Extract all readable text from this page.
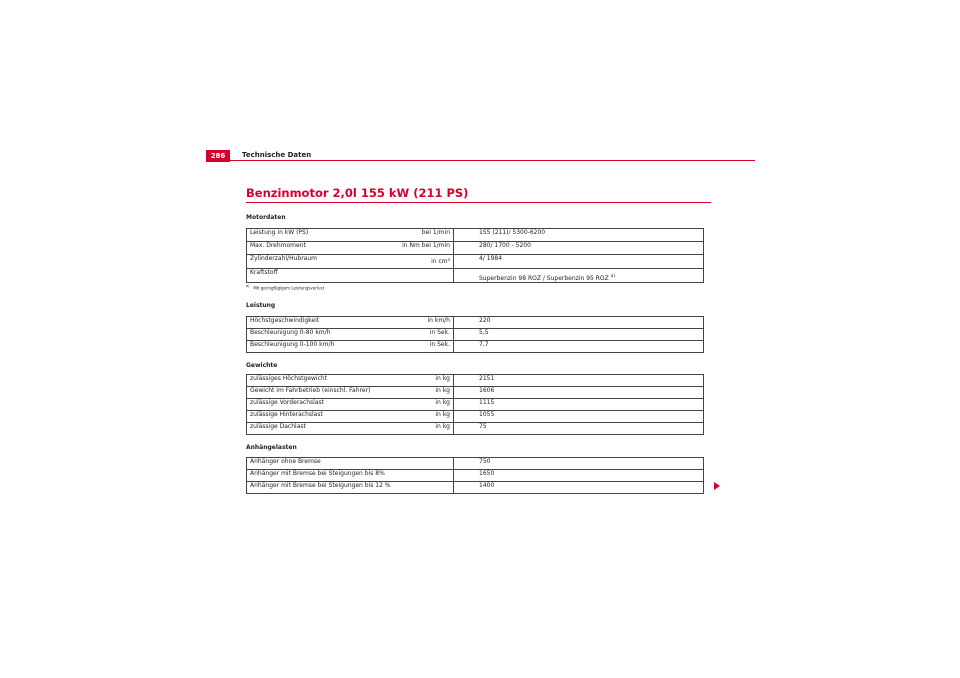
286	Technische Daten
Benzinmotor 2,0l 155 kW (211 PS)
Motordaten
Leistung in kW (PS) bei 1/min	155 (211)/ 5300-6200

Max. Drehmoment in Nm bei 1/min	280/ 1700 - 5200

Zylinderzahl/Hubraum in cm³	4/ 1984
Kraftstoff	Superbenzin 98 ROZ / Superbenzin 95 ROZ $^{a)}$
$^{a)}$ Mit geringfügigem Leistungsverlust
Leistung
Höchstgeschwindigkeit in km/h	220

Beschleunigung 0-80 km/h in Sek.	5,5

Beschleunigung 0-100 km/h in Sek.	7,7
Gewichte
zulässiges Höchstgewicht in kg	2151

Gewicht im Fahrbetrieb (einschl. Fahrer) in kg	1606

zulässige Vorderachslast in kg	1115

zulässige Hinterachslast in kg	1055

zulässige Dachlast in kg	75
Anhängelasten
Anhänger ohne Bremse	750
Anhänger mit Bremse bei Steigungen bis 8%	1650
Anhänger mit Bremse bei Steigungen bis 12 %	1400
